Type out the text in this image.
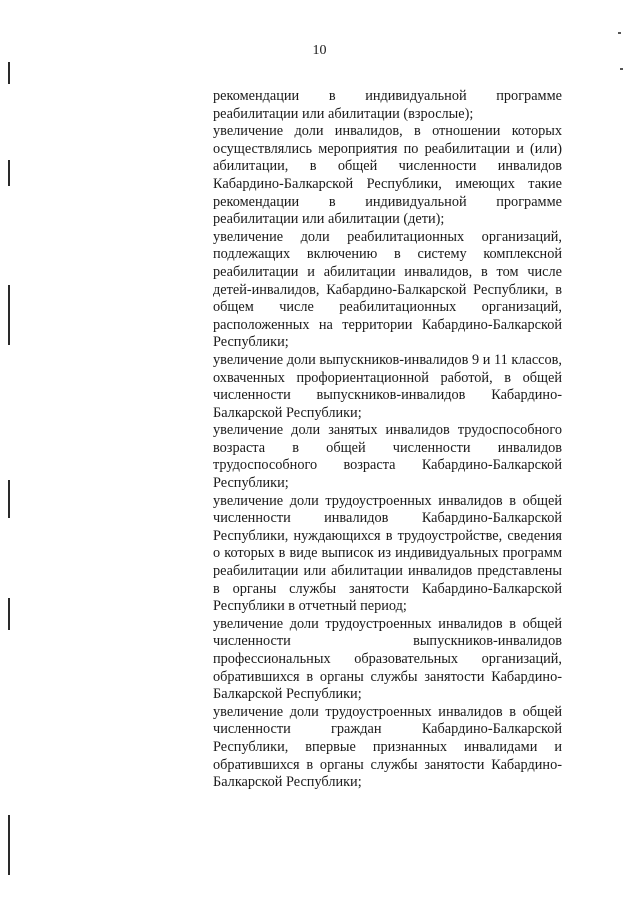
10

рекомендации в индивидуальной программе реабилитации или абилитации (взрослые);

увеличение доли инвалидов, в отношении которых осуществлялись мероприятия по реабилитации и (или) абилитации, в общей численности инвалидов Кабардино-Балкарской Республики, имеющих такие рекомендации в индивидуальной программе реабилитации или абилитации (дети);

увеличение доли реабилитационных организаций, подлежащих включению в систему комплексной реабилитации и абилитации инвалидов, в том числе детей-инвалидов, Кабардино-Балкарской Республики, в общем числе реабилитационных организаций, расположенных на территории Кабардино-Балкарской Республики;

увеличение доли выпускников-инвалидов 9 и 11 классов, охваченных профориентационной работой, в общей численности выпускников-инвалидов Кабардино-Балкарской Республики;

увеличение доли занятых инвалидов трудоспособного возраста в общей численности инвалидов трудоспособного возраста Кабардино-Балкарской Республики;

увеличение доли трудоустроенных инвалидов в общей численности инвалидов Кабардино-Балкарской Республики, нуждающихся в трудоустройстве, сведения о которых в виде выписок из индивидуальных программ реабилитации или абилитации инвалидов представлены в органы службы занятости Кабардино-Балкарской Республики в отчетный период;

увеличение доли трудоустроенных инвалидов в общей численности выпускников-инвалидов профессиональных образовательных организаций, обратившихся в органы службы занятости Кабардино-Балкарской Республики;

увеличение доли трудоустроенных инвалидов в общей численности граждан Кабардино-Балкарской Республики, впервые признанных инвалидами и обратившихся в органы службы занятости Кабардино-Балкарской Республики;
